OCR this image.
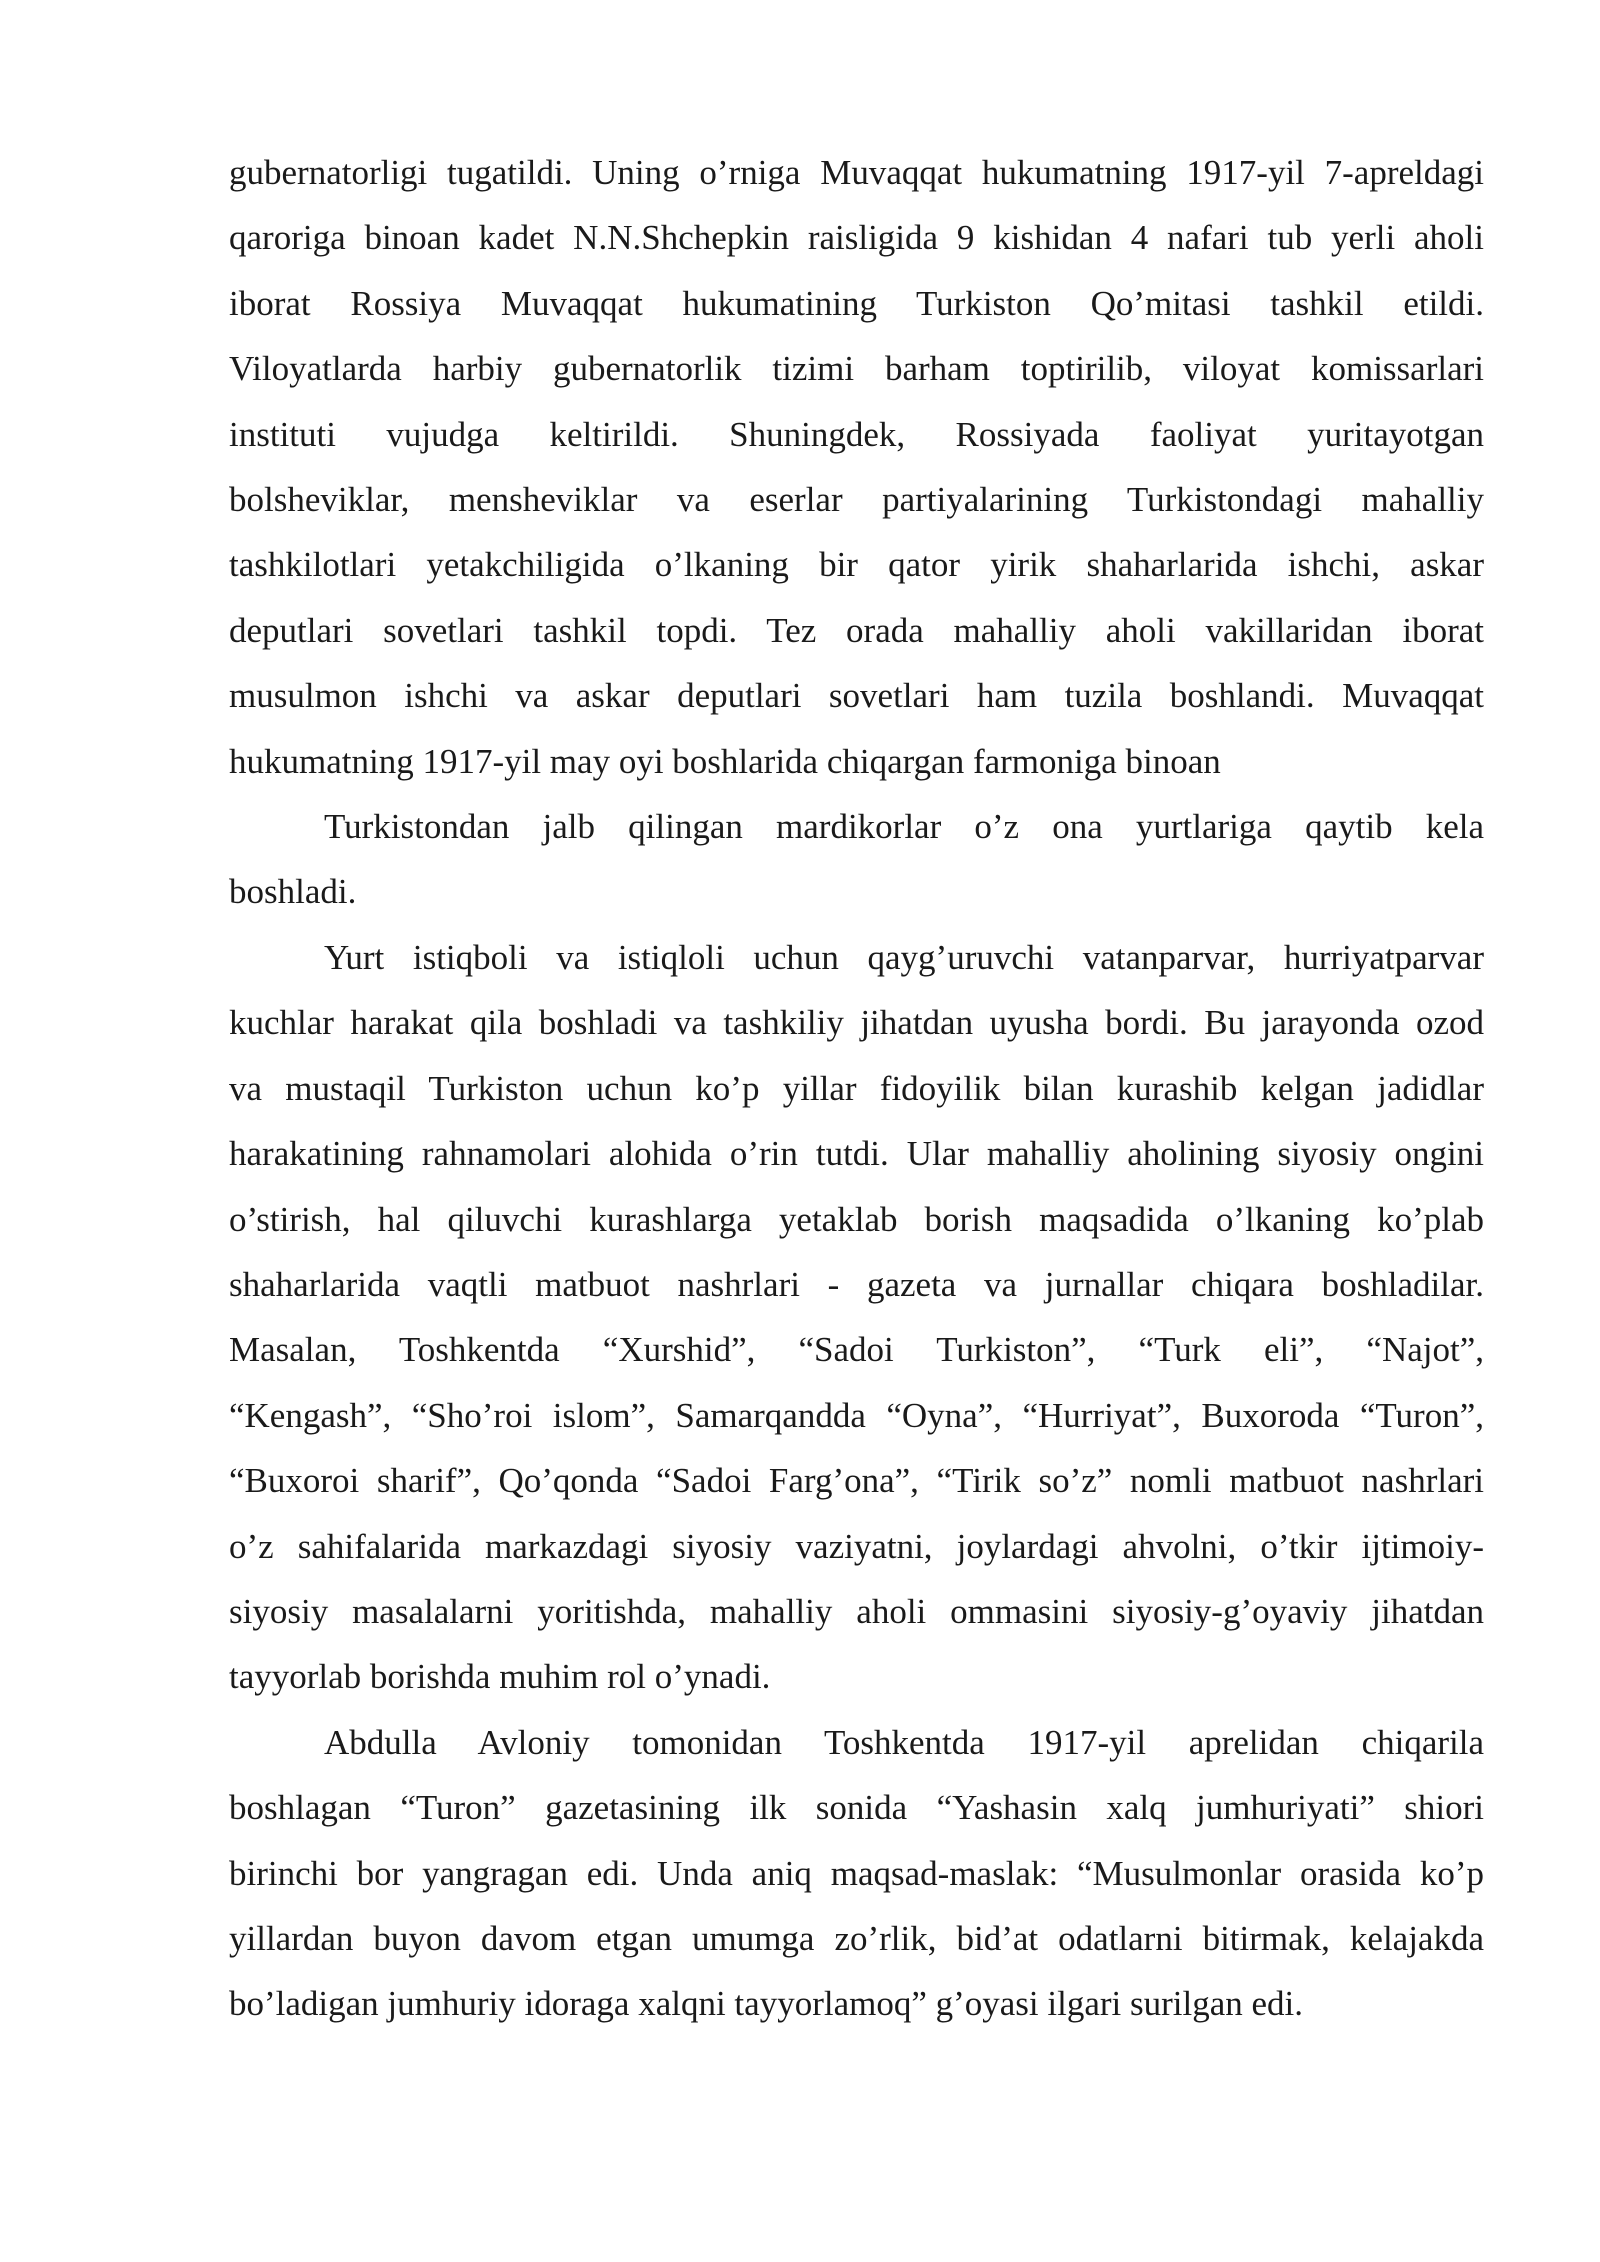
gubernatorligi tugatildi. Uning o’rniga Muvaqqat hukumatning 1917-yil 7-apreldagi
qaroriga binoan kadet N.N.Shchepkin raisligida 9 kishidan 4 nafari tub yerli aholi
iborat Rossiya Muvaqqat hukumatining Turkiston Qo’mitasi tashkil etildi.
Viloyatlarda harbiy gubernatorlik tizimi barham toptirilib, viloyat komissarlari
instituti vujudga keltirildi. Shuningdek, Rossiyada faoliyat yuritayotgan
bolsheviklar, mensheviklar va eserlar partiyalarining Turkistondagi mahalliy
tashkilotlari yetakchiligida o’lkaning bir qator yirik shaharlarida ishchi, askar
deputlari sovetlari tashkil topdi. Tez orada mahalliy aholi vakillaridan iborat
musulmon ishchi va askar deputlari sovetlari ham tuzila boshlandi. Muvaqqat
hukumatning 1917-yil may oyi boshlarida chiqargan farmoniga binoan

Turkistondan jalb qilingan mardikorlar o’z ona yurtlariga qaytib kela
boshladi.

Yurt istiqboli va istiqloli uchun qayg’uruvchi vatanparvar, hurriyatparvar
kuchlar harakat qila boshladi va tashkiliy jihatdan uyusha bordi. Bu jarayonda ozod
va mustaqil Turkiston uchun ko’p yillar fidoyilik bilan kurashib kelgan jadidlar
harakatining rahnamolari alohida o’rin tutdi. Ular mahalliy aholining siyosiy ongini
o’stirish, hal qiluvchi kurashlarga yetaklab borish maqsadida o’lkaning ko’plab
shaharlarida vaqtli matbuot nashrlari - gazeta va jurnallar chiqara boshladilar.
Masalan, Toshkentda “Xurshid”, “Sadoi Turkiston”, “Turk eli”, “Najot”,
“Kengash”, “Sho’roi islom”, Samarqandda “Oyna”, “Hurriyat”, Buxoroda “Turon”,
“Buxoroi sharif”, Qo’qonda “Sadoi Farg’ona”, “Tirik so’z” nomli matbuot nashrlari
o’z sahifalarida markazdagi siyosiy vaziyatni, joylardagi ahvolni, o’tkir ijtimoiy-
siyosiy masalalarni yoritishda, mahalliy aholi ommasini siyosiy-g’oyaviy jihatdan
tayyorlab borishda muhim rol o’ynadi.

Abdulla Avloniy tomonidan Toshkentda 1917-yil aprelidan chiqarila
boshlagan “Turon” gazetasining ilk sonida “Yashasin xalq jumhuriyati” shiori
birinchi bor yangragan edi. Unda aniq maqsad-maslak: “Musulmonlar orasida ko’p
yillardan buyon davom etgan umumga zo’rlik, bid’at odatlarni bitirmak, kelajakda
bo’ladigan jumhuriy idoraga xalqni tayyorlamoq” g’oyasi ilgari surilgan edi.
